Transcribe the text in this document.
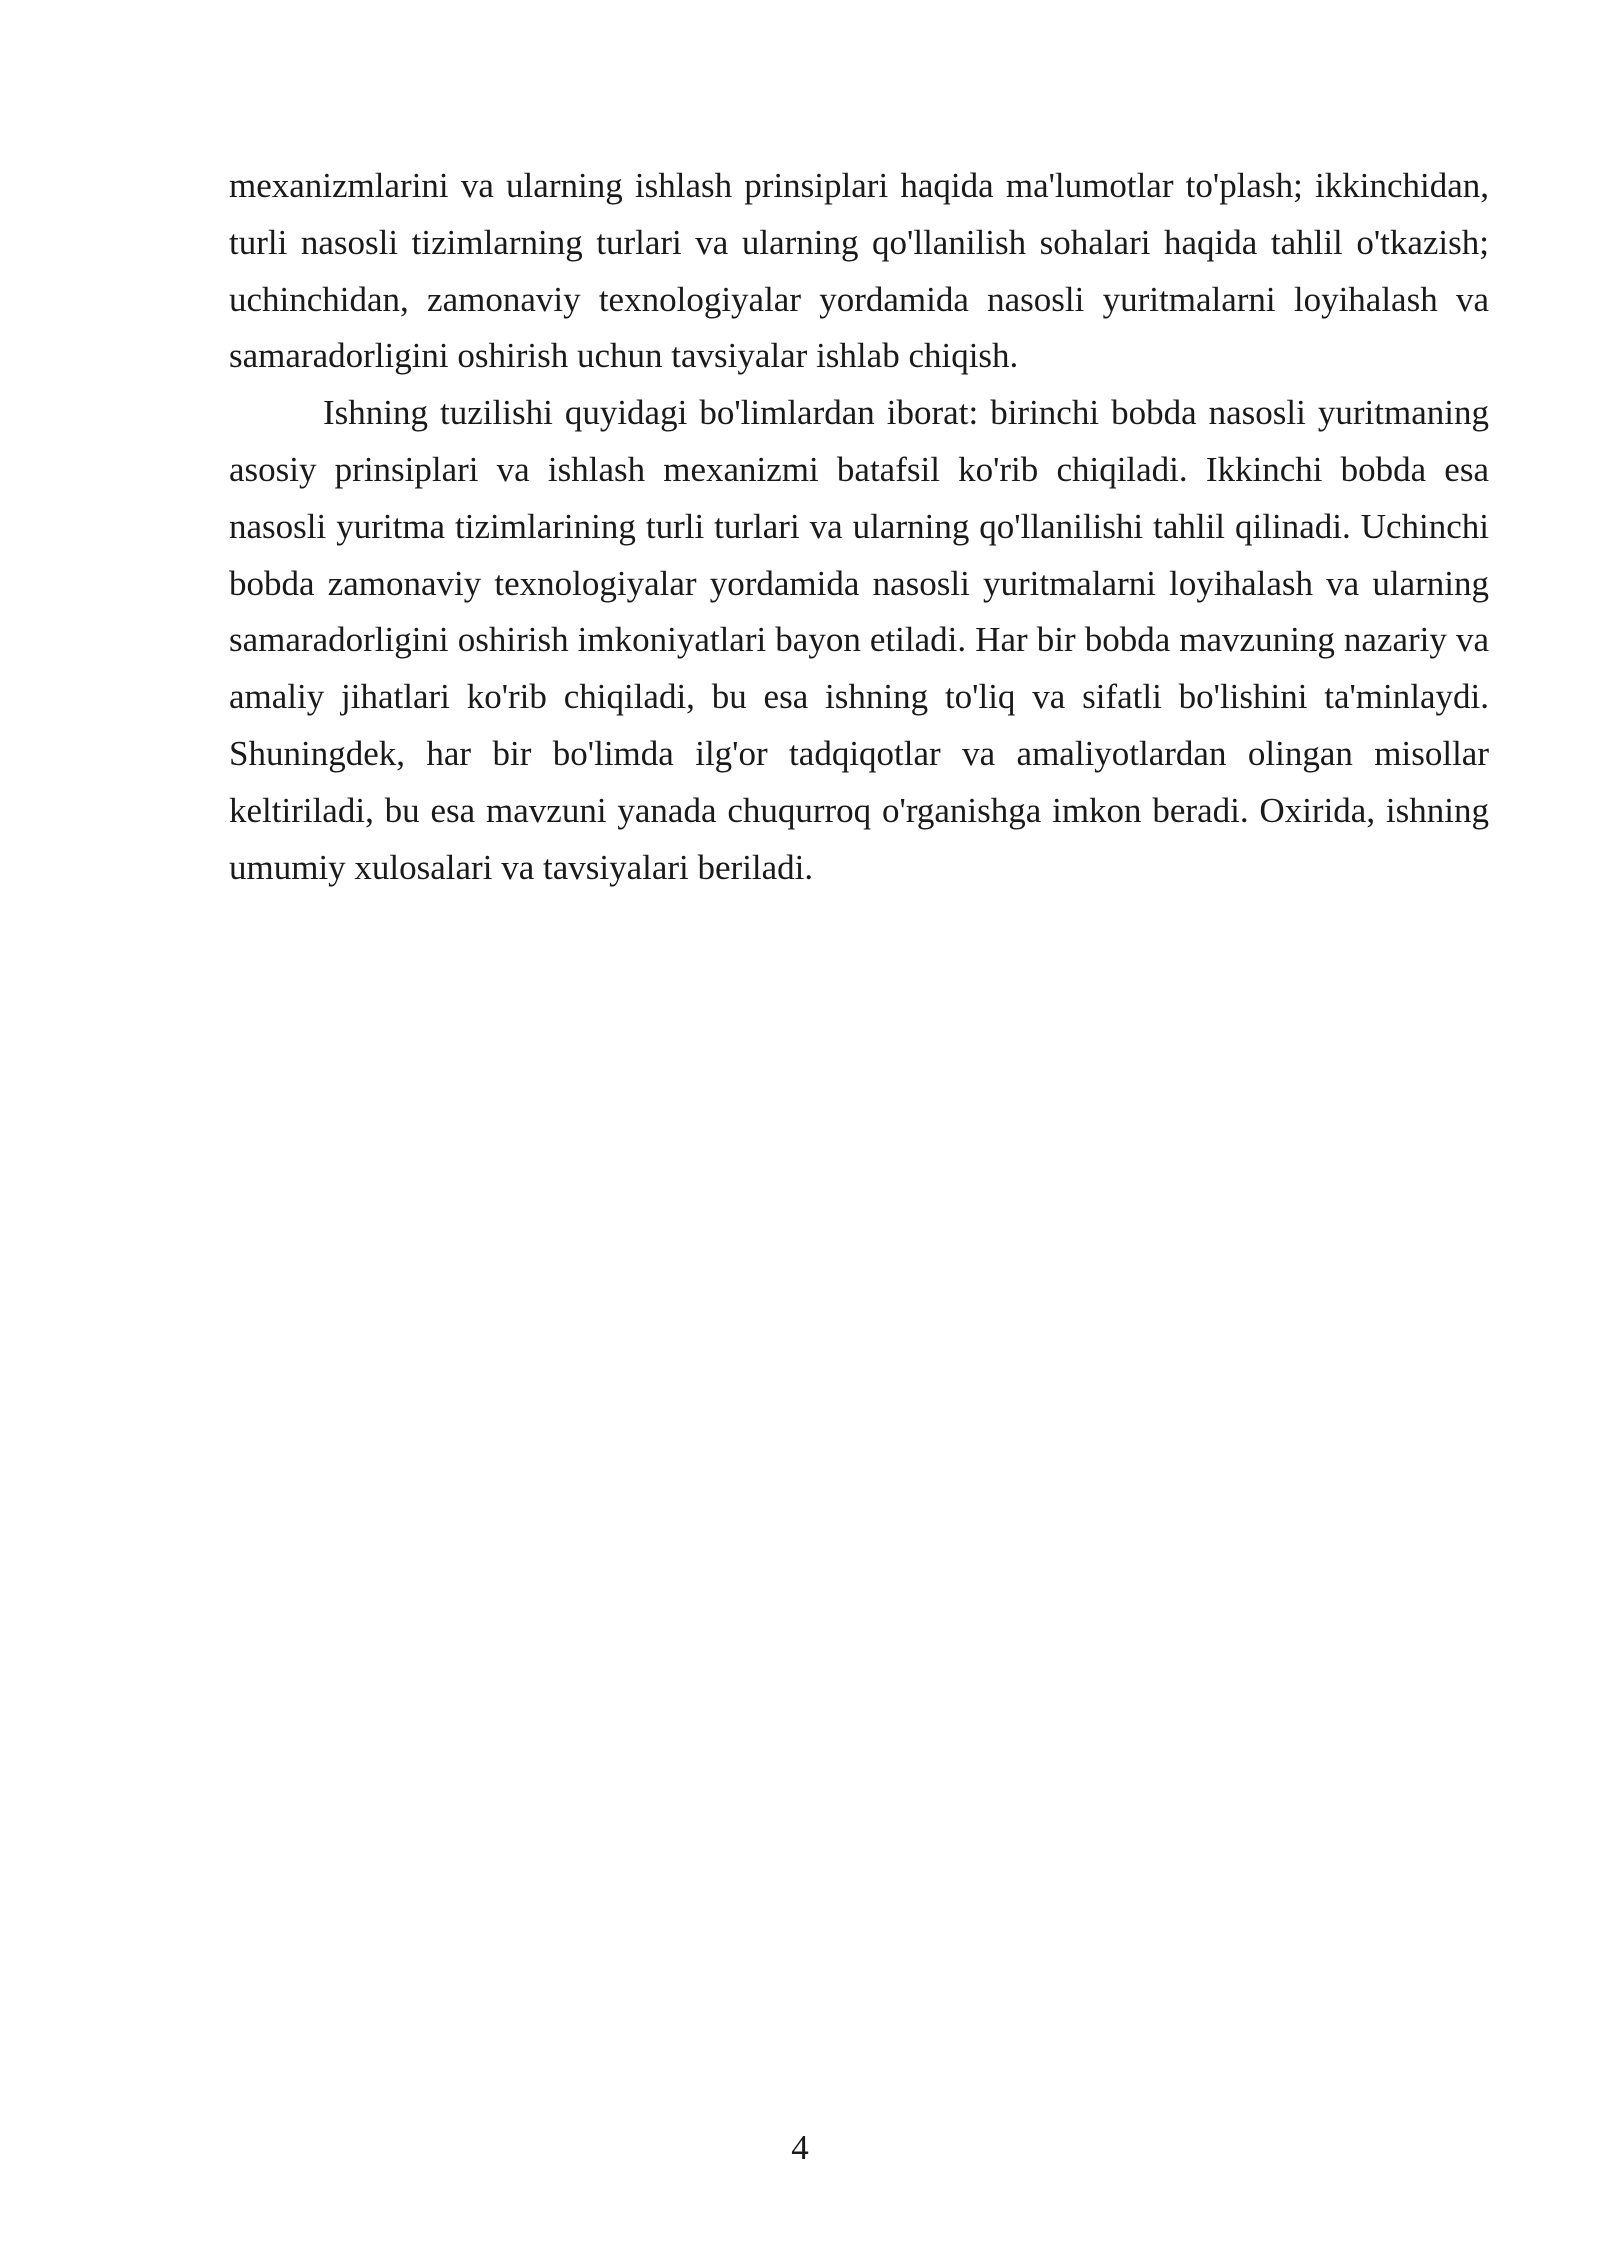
mexanizmlarini va ularning ishlash prinsiplari haqida ma'lumotlar to'plash; ikkinchidan, turli nasosli tizimlarning turlari va ularning qo'llanilish sohalari haqida tahlil o'tkazish; uchinchidan, zamonaviy texnologiyalar yordamida nasosli yuritmalarni loyihalash va samaradorligini oshirish uchun tavsiyalar ishlab chiqish.

Ishning tuzilishi quyidagi bo'limlardan iborat: birinchi bobda nasosli yuritmaning asosiy prinsiplari va ishlash mexanizmi batafsil ko'rib chiqiladi. Ikkinchi bobda esa nasosli yuritma tizimlarining turli turlari va ularning qo'llanilishi tahlil qilinadi. Uchinchi bobda zamonaviy texnologiyalar yordamida nasosli yuritmalarni loyihalash va ularning samaradorligini oshirish imkoniyatlari bayon etiladi. Har bir bobda mavzuning nazariy va amaliy jihatlari ko'rib chiqiladi, bu esa ishning to'liq va sifatli bo'lishini ta'minlaydi. Shuningdek, har bir bo'limda ilg'or tadqiqotlar va amaliyotlardan olingan misollar keltiriladi, bu esa mavzuni yanada chuqurroq o'rganishga imkon beradi. Oxirida, ishning umumiy xulosalari va tavsiyalari beriladi.

4
